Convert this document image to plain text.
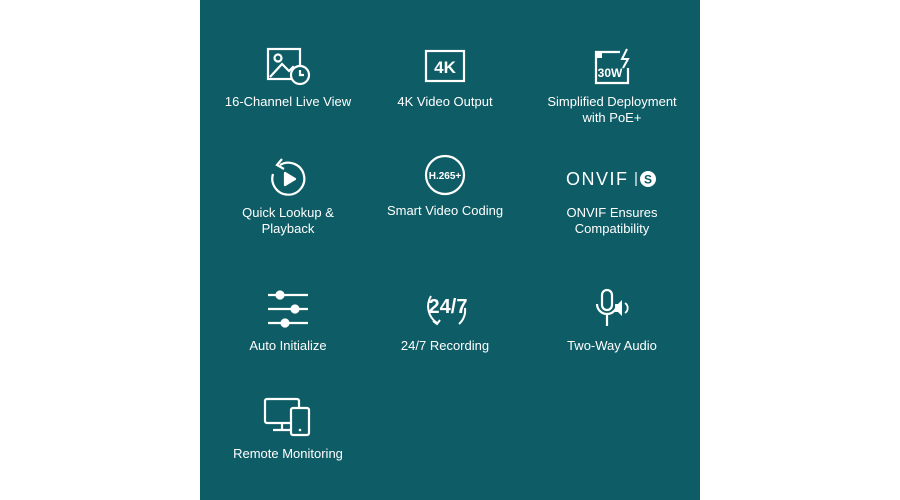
16-Channel Live View
4K
4K Video Output
30W
Simplified Deployment
with PoE+
Quick Lookup &
Playback
H.265+
Smart Video Coding
ONVIF S
ONVIF Ensures
Compatibility
Auto Initialize
24/7
24/7 Recording	Two-Way Audio
Remote Monitoring
